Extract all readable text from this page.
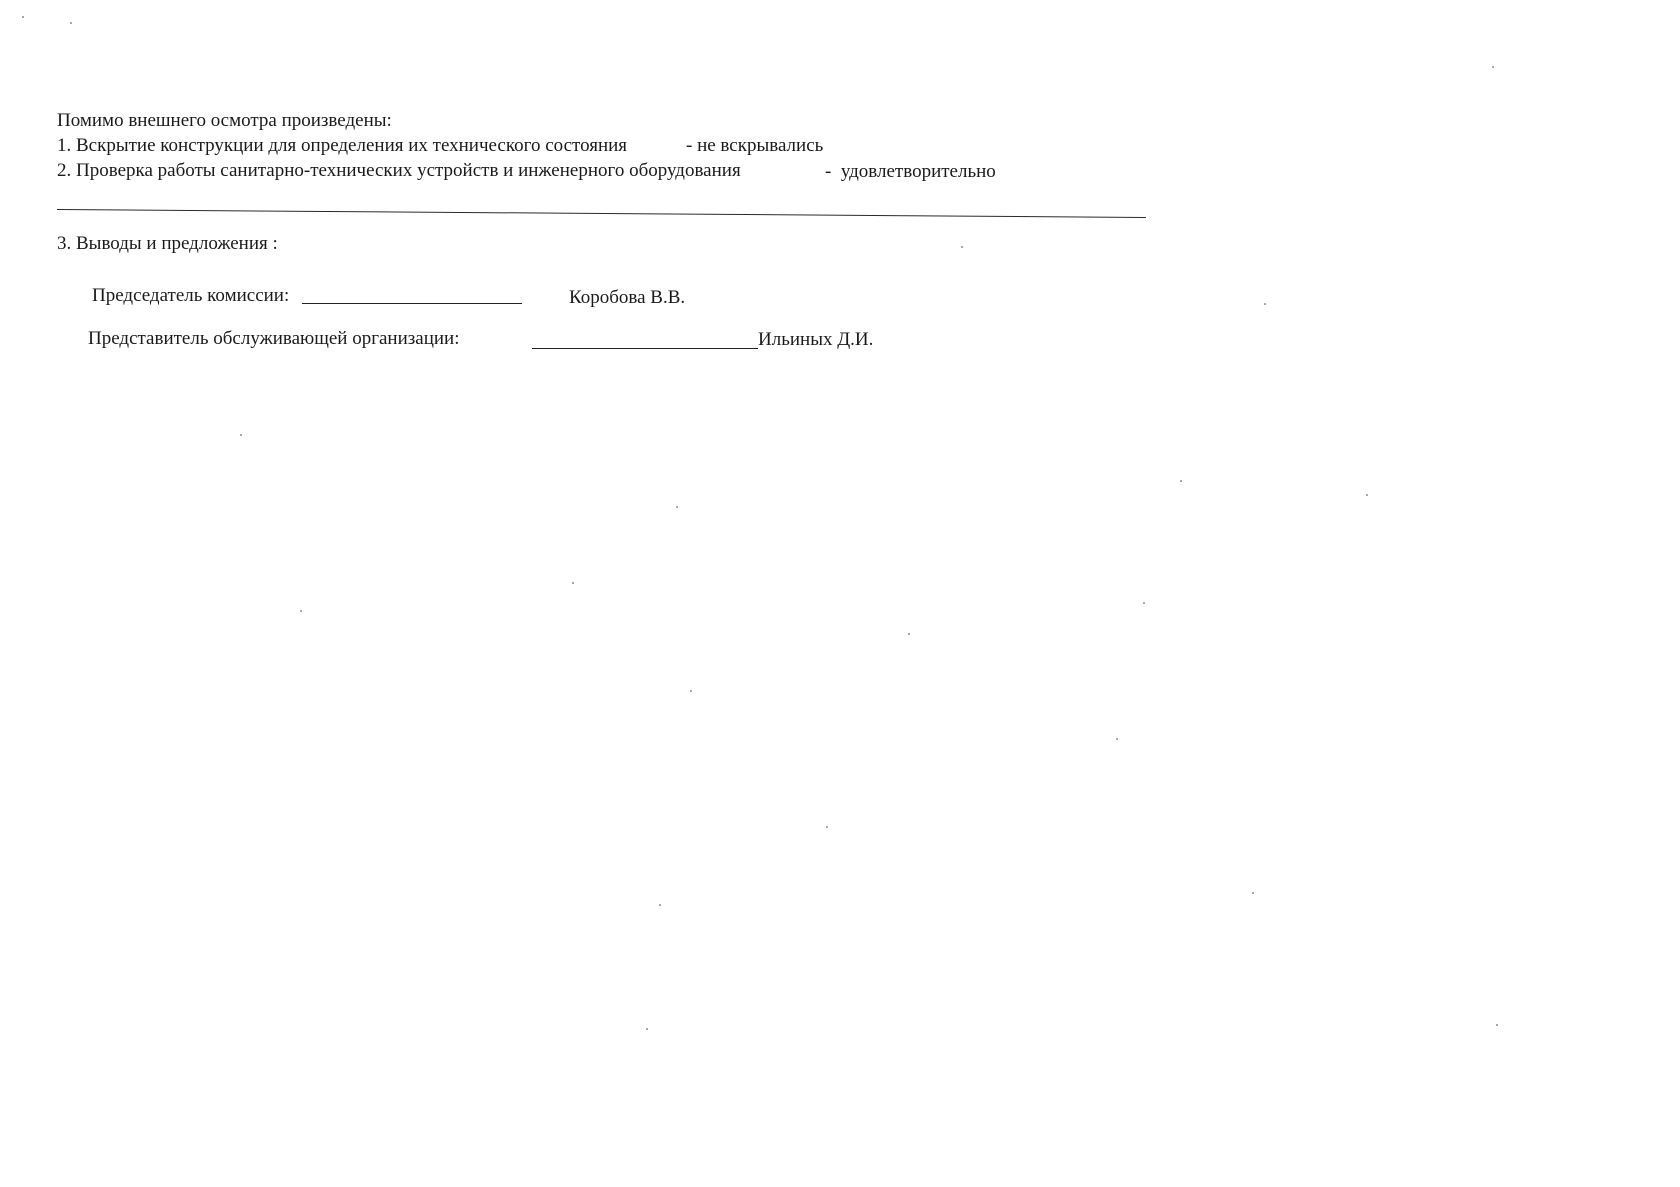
Помимо внешнего осмотра произведены:
1. Вскрытие конструкции для определения их технического состояния	- не вскрывались
2. Проверка работы санитарно-технических устройств и инженерного оборудования	-  удовлетворительно
3. Выводы и предложения :
Председатель комиссии:	Коробова В.В.
Представитель обслуживающей организации:	Ильиных Д.И.
